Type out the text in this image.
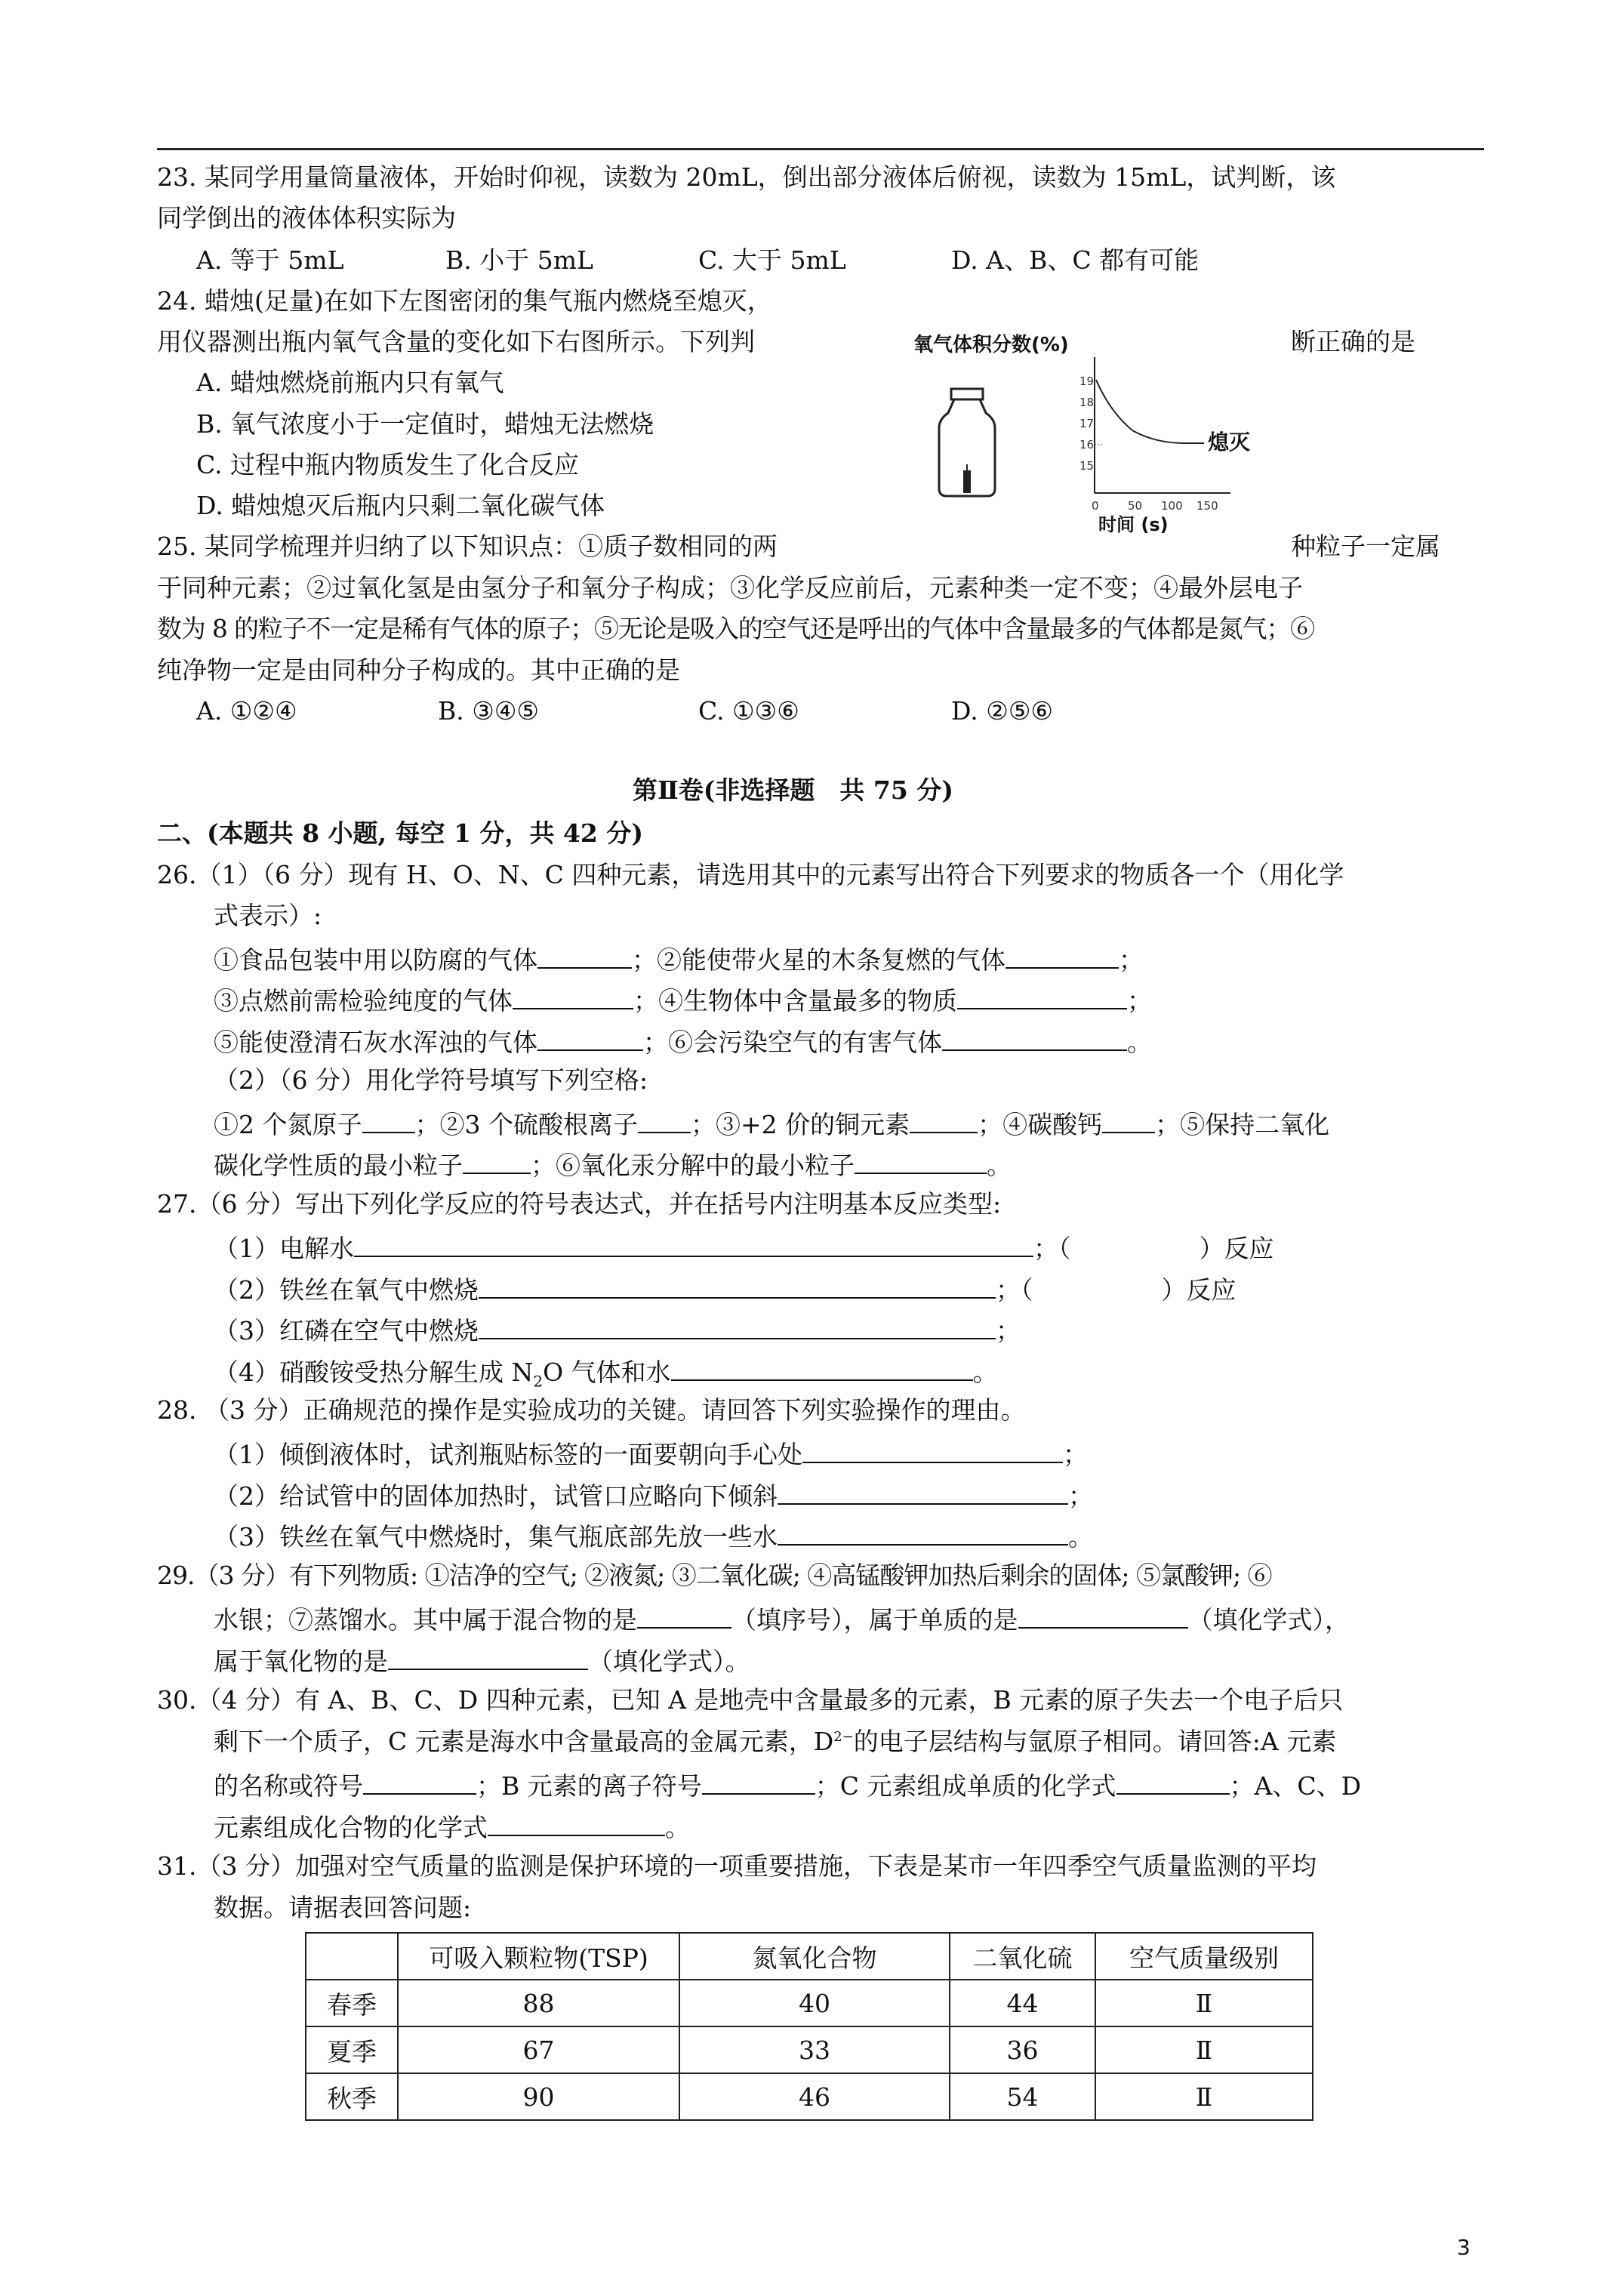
23. 某同学用量筒量液体，开始时仰视，读数为 20mL，倒出部分液体后俯视，读数为 15mL，试判断，该
同学倒出的液体体积实际为
A. 等于 5mL	B. 小于 5mL	C. 大于 5mL	D. A、B、C 都有可能
24. 蜡烛(足量)在如下左图密闭的集气瓶内燃烧至熄灭，
用仪器测出瓶内氧气含量的变化如下右图所示。下列判	断正确的是
A. 蜡烛燃烧前瓶内只有氧气
B. 氧气浓度小于一定值时，蜡烛无法燃烧
C. 过程中瓶内物质发生了化合反应
D. 蜡烛熄灭后瓶内只剩二氧化碳气体
氧气体积分数(%)
19
18
17
16
15
0	50 100 150
熄灭
时间 (s)
25. 某同学梳理并归纳了以下知识点：①质子数相同的两	种粒子一定属
于同种元素；②过氧化氢是由氢分子和氧分子构成；③化学反应前后，元素种类一定不变；④最外层电子
数为 8 的粒子不一定是稀有气体的原子；⑤无论是吸入的空气还是呼出的气体中含量最多的气体都是氮气；⑥
纯净物一定是由同种分子构成的。其中正确的是
A. ①②④	B. ③④⑤	C. ①③⑥	D. ②⑤⑥
第Ⅱ卷(非选择题　共 75 分)
二、(本题共 8 小题, 每空 1 分，共 42 分)
26.（1）（6 分）现有 H、O、N、C 四种元素，请选用其中的元素写出符合下列要求的物质各一个（用化学
式表示）:
①食品包装中用以防腐的气体	；②能使带火星的木条复燃的气体	；
③点燃前需检验纯度的气体	；④生物体中含量最多的物质	；
⑤能使澄清石灰水浑浊的气体	；⑥会污染空气的有害气体	。
（2）（6 分）用化学符号填写下列空格:
①2 个氮原子 ；②3 个硫酸根离子 ；③+2 价的铜元素	；④碳酸钙 ；⑤保持二氧化
碳化学性质的最小粒子	；⑥氧化汞分解中的最小粒子	。
27.（6 分）写出下列化学反应的符号表达式，并在括号内注明基本反应类型:
（1）电解水	；（	）反应
（2）铁丝在氧气中燃烧	；（	）反应
（3）红磷在空气中燃烧	；
（4）硝酸铵受热分解生成 $N_2O$ 气体和水	。
28. （3 分）正确规范的操作是实验成功的关键。请回答下列实验操作的理由。
（1）倾倒液体时，试剂瓶贴标签的一面要朝向手心处	；
（2）给试管中的固体加热时，试管口应略向下倾斜	；
（3）铁丝在氧气中燃烧时，集气瓶底部先放一些水	。
29.（3 分）有下列物质: ①洁净的空气; ②液氮; ③二氧化碳; ④高锰酸钾加热后剩余的固体; ⑤氯酸钾; ⑥
水银；⑦蒸馏水。其中属于混合物的是	（填序号），属于单质的是	（填化学式），
属于氧化物的是	（填化学式）。
30.（4 分）有 A、B、C、D 四种元素，已知 A 是地壳中含量最多的元素，B 元素的原子失去一个电子后只
剩下一个质子，C 元素是海水中含量最高的金属元素，$D^{2-}$的电子层结构与氩原子相同。请回答:A 元素
的名称或符号	；B 元素的离子符号	；C 元素组成单质的化学式	；A、C、D
元素组成化合物的化学式	。
31.（3 分）加强对空气质量的监测是保护环境的一项重要措施，下表是某市一年四季空气质量监测的平均
数据。请据表回答问题:
	可吸入颗粒物(TSP)	氮氧化合物	二氧化硫	空气质量级别
春季	88	40	44	Ⅱ
夏季	67	33	36	Ⅱ
秋季	90	46	54	Ⅱ
3
